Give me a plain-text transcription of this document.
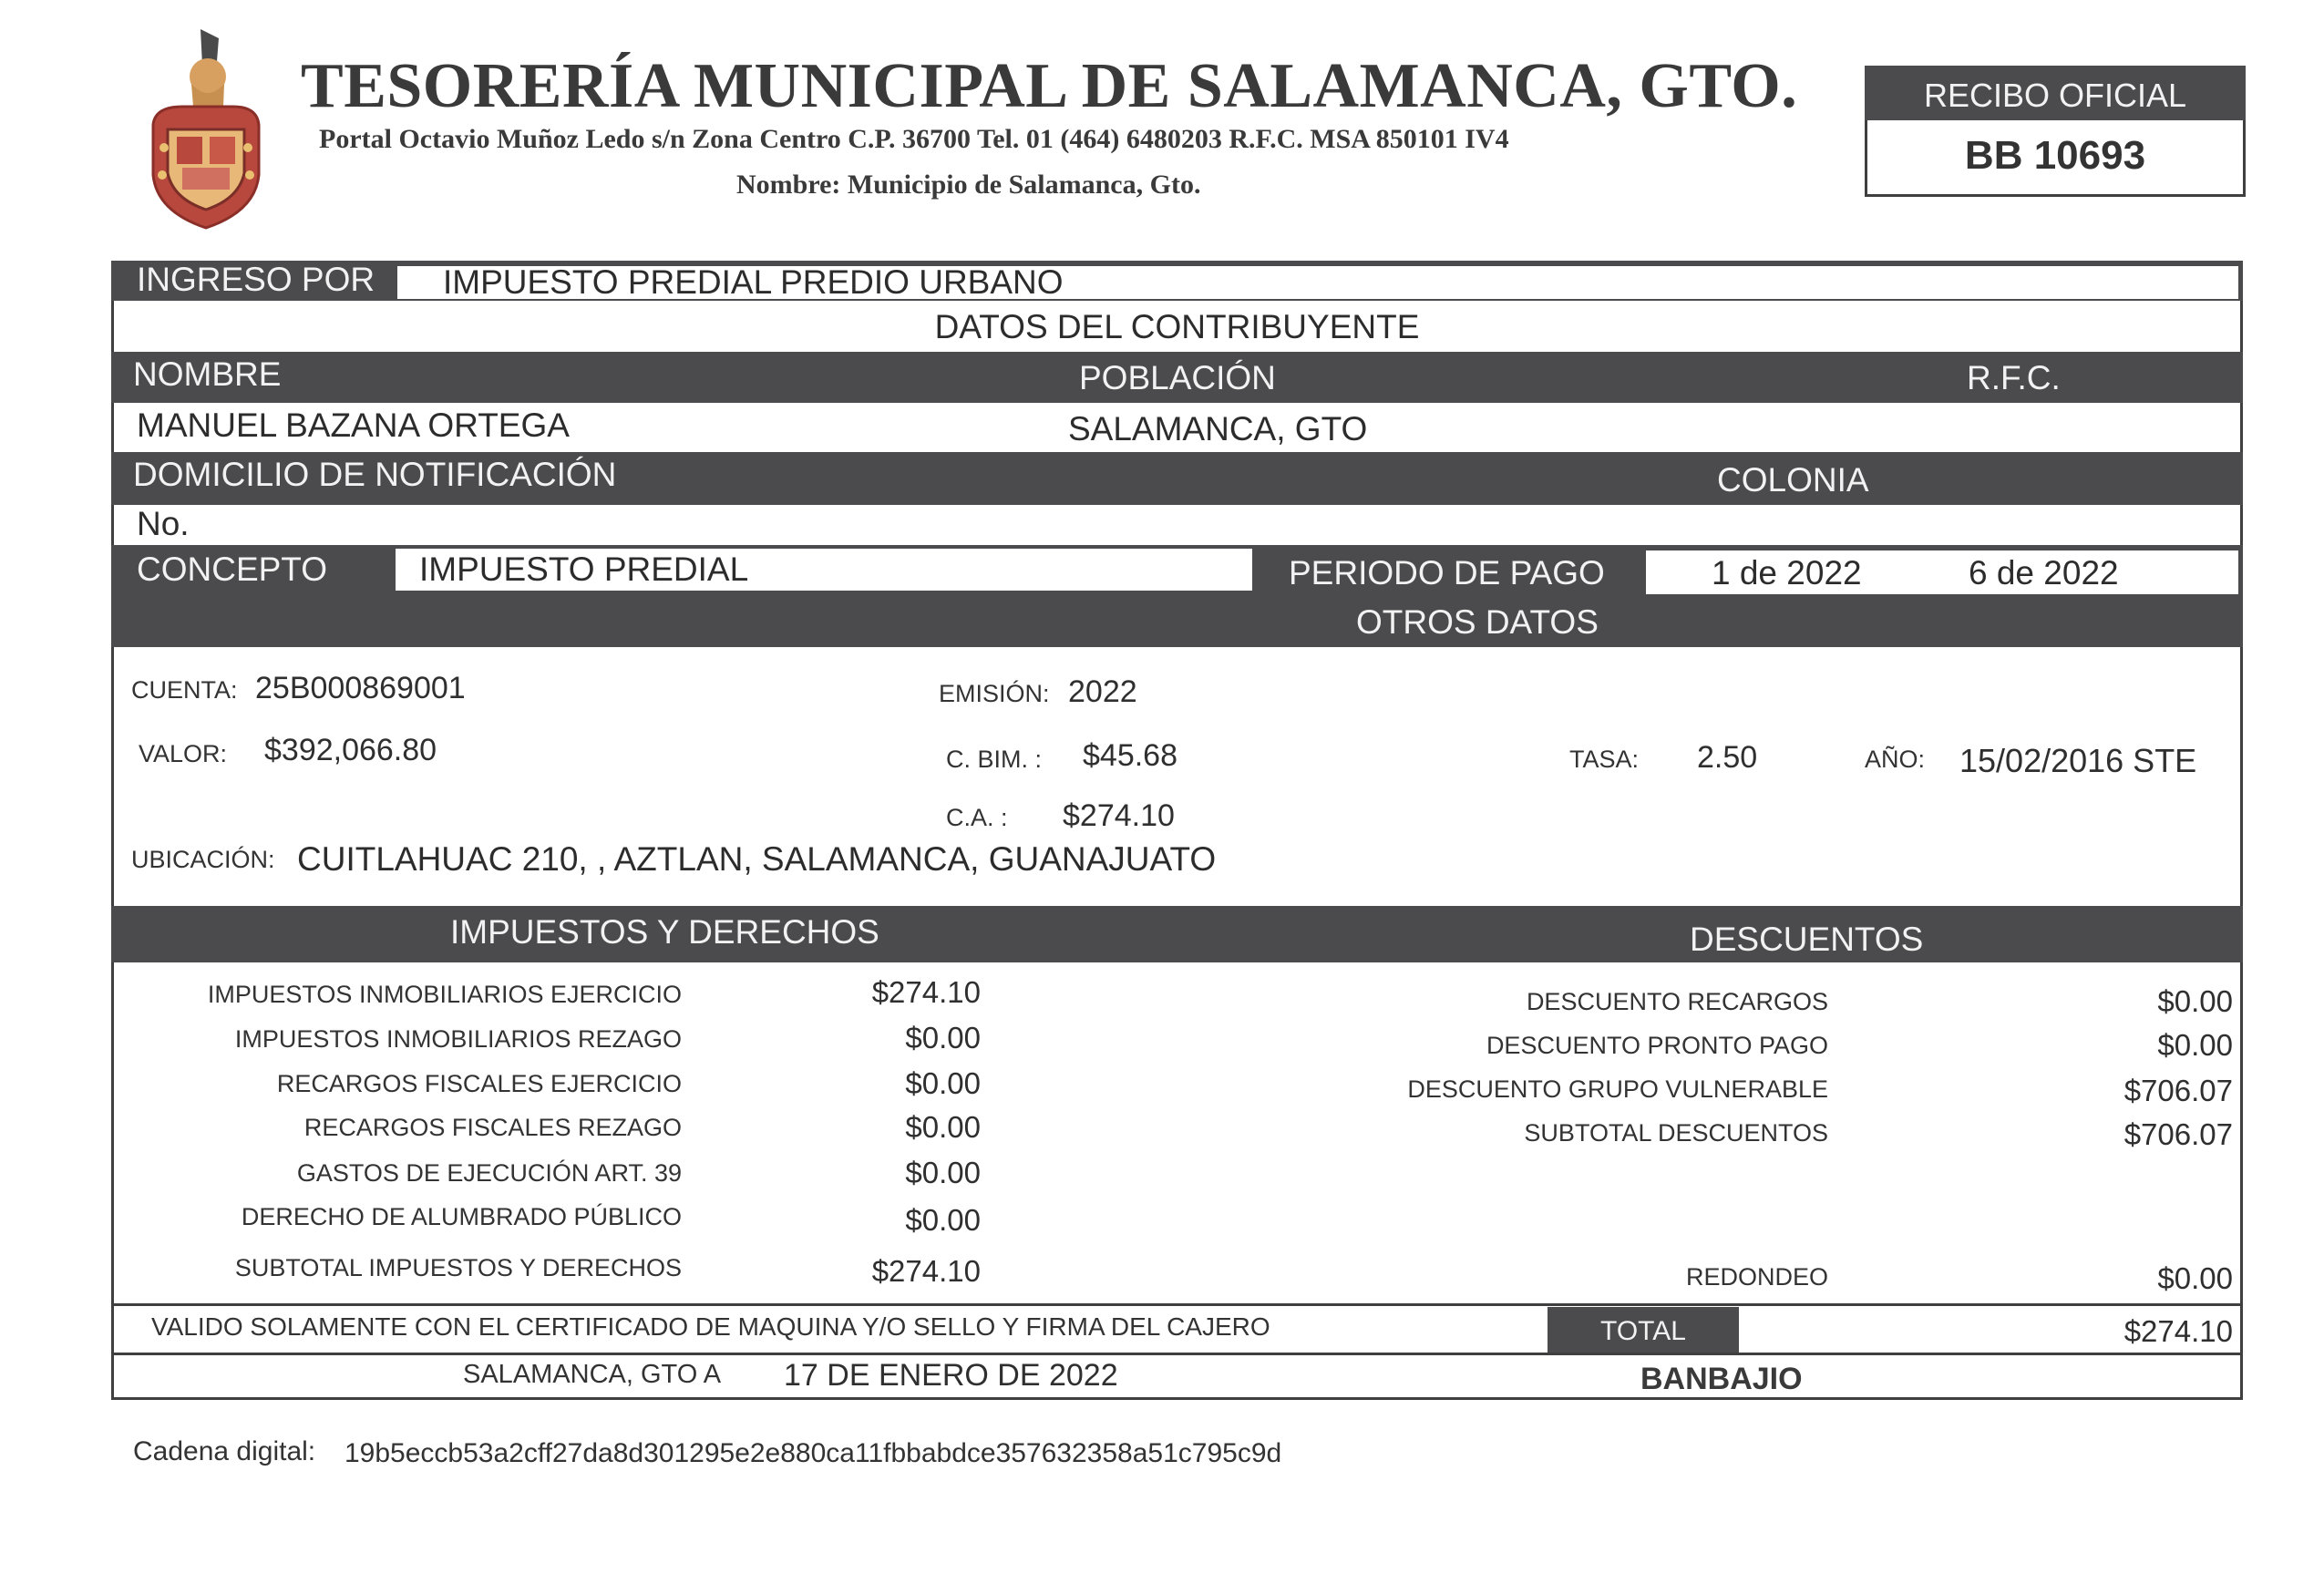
TESORERÍA MUNICIPAL DE SALAMANCA, GTO.
Portal Octavio Muñoz Ledo s/n Zona Centro C.P. 36700 Tel. 01 (464) 6480203 R.F.C. MSA 850101 IV4
Nombre: Municipio de Salamanca, Gto.
RECIBO OFICIAL
BB 10693
INGRESO POR IMPUESTO PREDIAL PREDIO URBANO
DATOS DEL CONTRIBUYENTE
NOMBRE	POBLACIÓN	R.F.C.
MANUEL BAZANA ORTEGA	SALAMANCA, GTO
DOMICILIO DE NOTIFICACIÓN	COLONIA
No.
CONCEPTO	IMPUESTO PREDIAL	PERIODO DE PAGO	1 de 2022	6 de 2022
OTROS DATOS
CUENTA: 25B000869001	EMISIÓN: 2022
VALOR: $392,066.80	C. BIM. : $45.68	TASA: 2.50	AÑO: 15/02/2016 STE
C.A. : $274.10
UBICACIÓN: CUITLAHUAC 210, , AZTLAN, SALAMANCA, GUANAJUATO
IMPUESTOS Y DERECHOS	DESCUENTOS
IMPUESTOS INMOBILIARIOS EJERCICIO	$274.10
IMPUESTOS INMOBILIARIOS REZAGO	$0.00
RECARGOS FISCALES EJERCICIO	$0.00
RECARGOS FISCALES REZAGO	$0.00
GASTOS DE EJECUCIÓN ART. 39	$0.00
DERECHO DE ALUMBRADO PÚBLICO	$0.00
SUBTOTAL IMPUESTOS Y DERECHOS	$274.10
DESCUENTO RECARGOS	$0.00
DESCUENTO PRONTO PAGO	$0.00
DESCUENTO GRUPO VULNERABLE	$706.07
SUBTOTAL DESCUENTOS	$706.07
REDONDEO	$0.00
VALIDO SOLAMENTE CON EL CERTIFICADO DE MAQUINA Y/O SELLO Y FIRMA DEL CAJERO	TOTAL	$274.10
SALAMANCA, GTO A 17 DE ENERO DE 2022	BANBAJIO
Cadena digital: 19b5eccb53a2cff27da8d301295e2e880ca11fbbabdce357632358a51c795c9d
